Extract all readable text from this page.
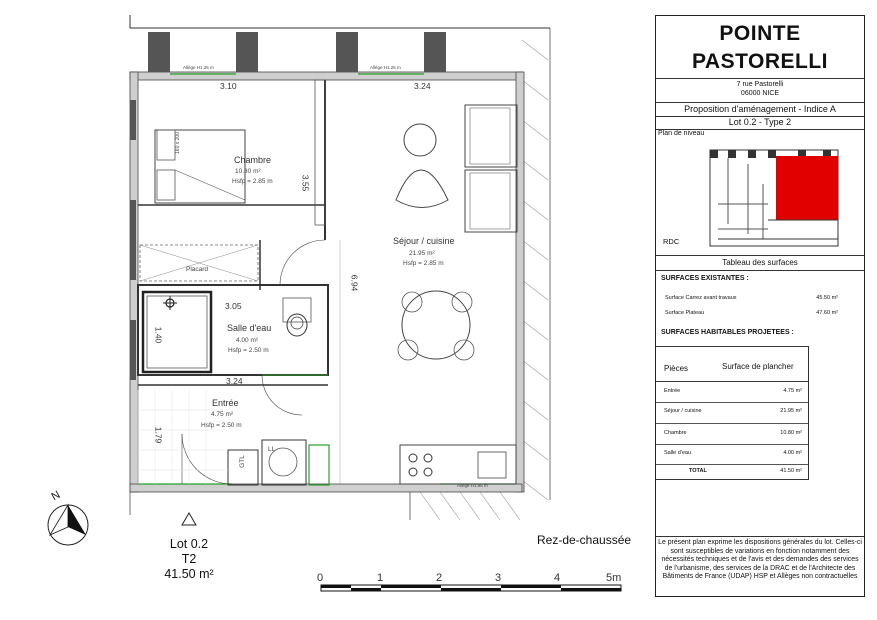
Chambre
10.80 m²
Hsfp = 2.85 m
Séjour / cuisine
21.95 m²
Hsfp = 2.85 m
Salle d'eau
4.00 m²
Hsfp = 2.50 m
Entrée
4.75 m²
Hsfp = 2.50 m
3.10	3.24
3.55
6.94
3.05
1.40
3.24
1.79
Placard
GTL
LL
160 x 200
Allège H1.25 m	Allège H1.25 m
Allège H1.96 m
Rez-de-chaussée
N
Lot 0.2
T2
41.50 m²	0	1	2	3	4	5m
POINTE
PASTORELLI
7 rue Pastorelli
06000 NICE
Proposition d'aménagement - Indice A
Lot 0.2 - Type 2
Plan de niveau
RDC
Tableau des surfaces
SURFACES EXISTANTES :
Surface Carrez avant travaux	45.50 m²
Surface Plateau	47.60 m²
SURFACES HABITABLES PROJETEES :
Pièces	Surface de plancher
Entrée	4.75 m²
Séjour / cuisine	21.95 m²
Chambre	10.80 m²
Salle d'eau	4.00 m²
TOTAL	41.50 m²
Le présent plan exprime les dispositions générales du lot. Celles-ci sont susceptibles de variations en fonction notamment des nécessités techniques et de l'avis et des demandes des services de l'urbanisme, des services de la DRAC et de l'Architecte des Bâtiments de France (UDAP) HSP et Allèges non contractuelles
